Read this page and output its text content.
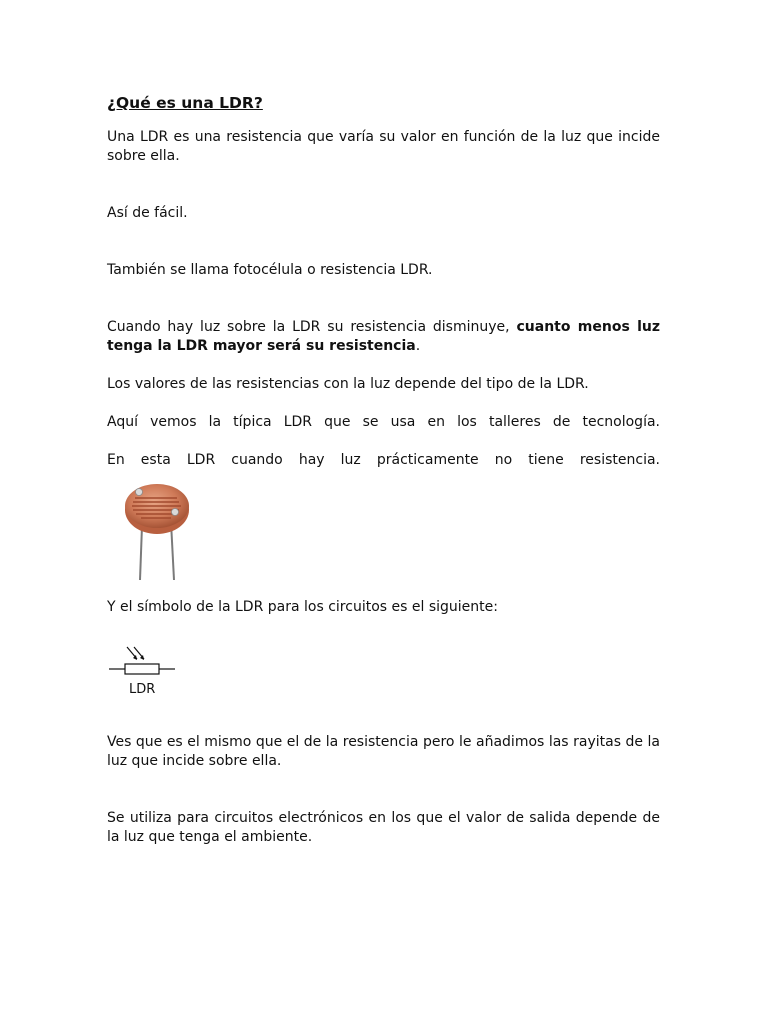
¿Qué es una LDR?

Una LDR es una resistencia que varía su valor en función de la luz que incide sobre ella.

Así de fácil.

También se llama fotocélula o resistencia LDR.

Cuando hay luz sobre la LDR su resistencia disminuye, cuanto menos luz tenga la LDR mayor será su resistencia.

Los valores de las resistencias con la luz depende del tipo de la LDR.

Aquí vemos la típica LDR que se usa en los talleres de tecnología.

En esta LDR cuando hay luz prácticamente no tiene resistencia.

Y el símbolo de la LDR para los circuitos es el siguiente:

LDR

Ves que es el mismo que el de la resistencia pero le añadimos las rayitas de la luz que incide sobre ella.

Se utiliza para circuitos electrónicos en los que el valor de salida depende de la luz que tenga el ambiente.
